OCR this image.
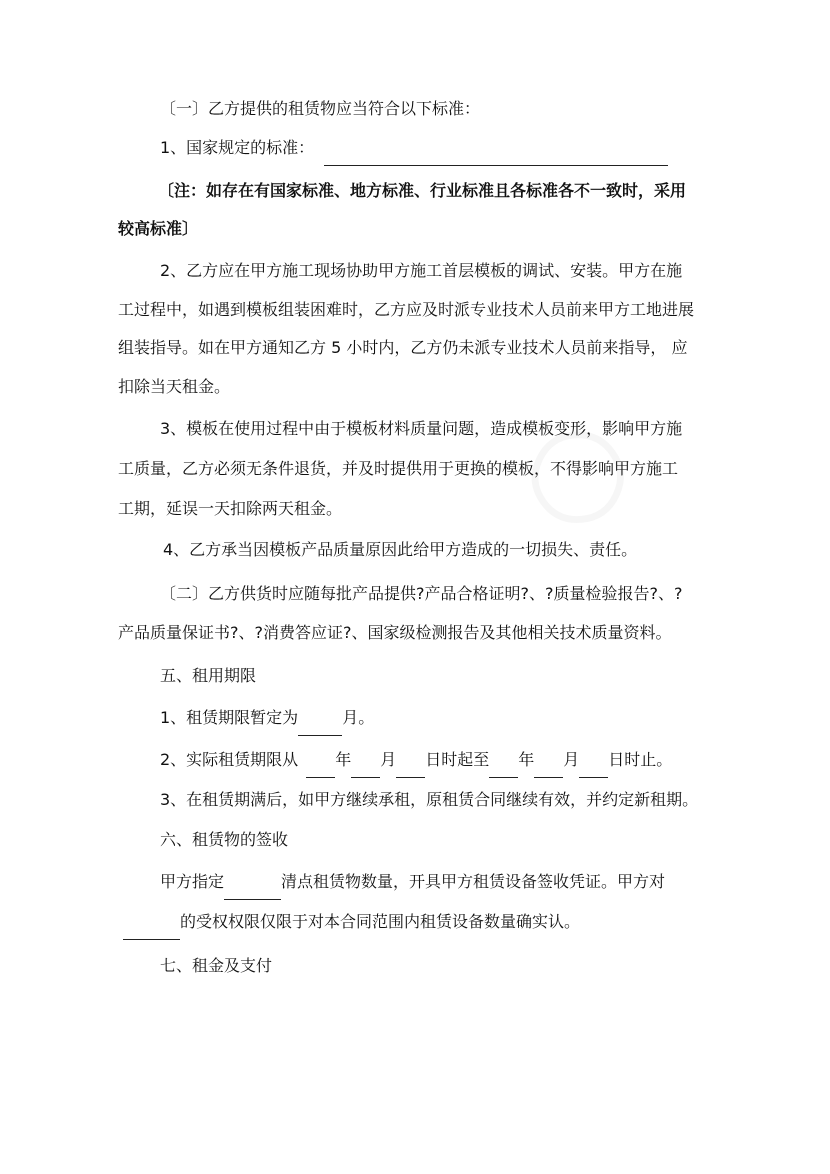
〔一〕乙方提供的租赁物应当符合以下标准：
1、国家规定的标准：
〔注：如存在有国家标准、地方标准、行业标准且各标准各不一致时，采用
较高标准〕
2、乙方应在甲方施工现场协助甲方施工首层模板的调试、安装。甲方在施
工过程中，如遇到模板组装困难时，乙方应及时派专业技术人员前来甲方工地进展
组装指导。如在甲方通知乙方 5 小时内，乙方仍未派专业技术人员前来指导， 应
扣除当天租金。
3、模板在使用过程中由于模板材料质量问题，造成模板变形，影响甲方施
工质量，乙方必须无条件退货，并及时提供用于更换的模板，不得影响甲方施工
工期，延误一天扣除两天租金。
4、乙方承当因模板产品质量原因此给甲方造成的一切损失、责任。
〔二〕乙方供货时应随每批产品提供?产品合格证明?、?质量检验报告?、?
产品质量保证书?、?消费答应证?、国家级检测报告及其他相关技术质量资料。
五、租用期限
1、租赁期限暂定为	月。
2、实际租赁期限从 年 月 日时起至 年 月 日时止。
3、在租赁期满后，如甲方继续承租，原租赁合同继续有效，并约定新租期。
六、租赁物的签收
甲方指定	清点租赁物数量，开具甲方租赁设备签收凭证。甲方对
的受权权限仅限于对本合同范围内租赁设备数量确实认。
七、租金及支付
